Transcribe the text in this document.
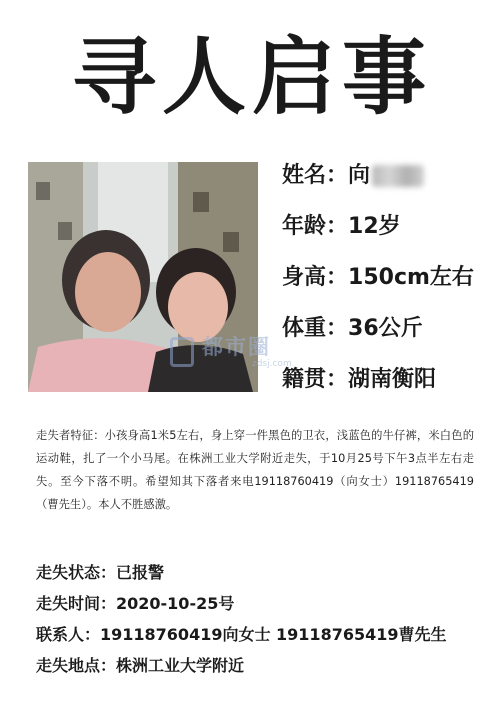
寻人启事
都市圈
zdsj.com
姓名： 向
年龄： 12岁
身高： 150cm左右
体重： 36公斤
籍贯： 湖南衡阳
走失者特征：小孩身高1米5左右，身上穿一件黑色的卫衣，浅蓝色的牛仔裤，米白色的运动鞋，扎了一个小马尾。在株洲工业大学附近走失，于10月25号下午3点半左右走失。至今下落不明。希望知其下落者来电19118760419（向女士）19118765419（曹先生）。本人不胜感激。
走失状态：已报警
走失时间：2020-10-25号
联系人：19118760419向女士 19118765419曹先生
走失地点：株洲工业大学附近
